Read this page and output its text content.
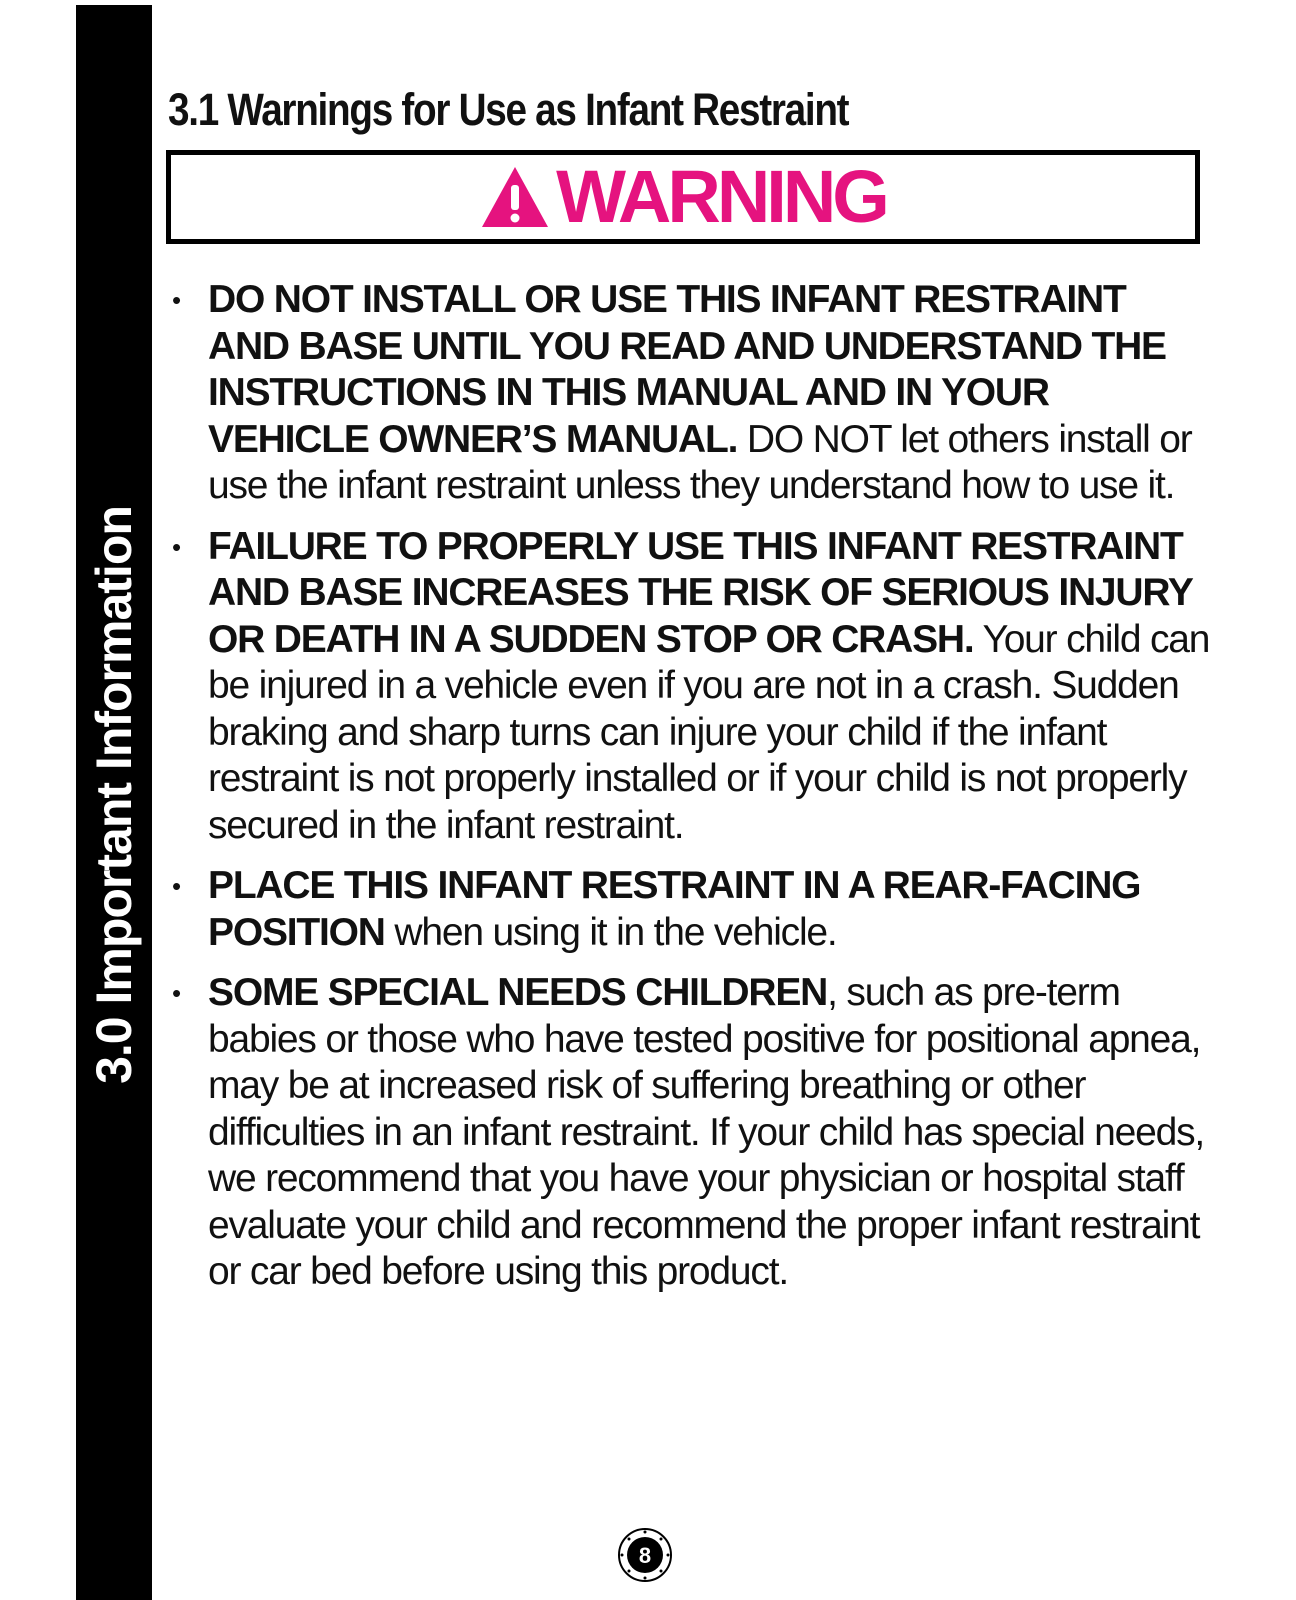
3.0 Important Information
3.1 Warnings for Use as Infant Restraint
WARNING
• DO NOT INSTALL OR USE THIS INFANT RESTRAINT AND BASE UNTIL YOU READ AND UNDERSTAND THE INSTRUCTIONS IN THIS MANUAL AND IN YOUR VEHICLE OWNER’S MANUAL. DO NOT let others install or use the infant restraint unless they understand how to use it.
• FAILURE TO PROPERLY USE THIS INFANT RESTRAINT AND BASE INCREASES THE RISK OF SERIOUS INJURY OR DEATH IN A SUDDEN STOP OR CRASH. Your child can be injured in a vehicle even if you are not in a crash. Sudden braking and sharp turns can injure your child if the infant restraint is not properly installed or if your child is not properly secured in the infant restraint.
• PLACE THIS INFANT RESTRAINT IN A REAR-FACING POSITION when using it in the vehicle.
• SOME SPECIAL NEEDS CHILDREN, such as pre-term babies or those who have tested positive for positional apnea, may be at increased risk of suffering breathing or other difficulties in an infant restraint. If your child has special needs, we recommend that you have your physician or hospital staff evaluate your child and recommend the proper infant restraint or car bed before using this product.
8
